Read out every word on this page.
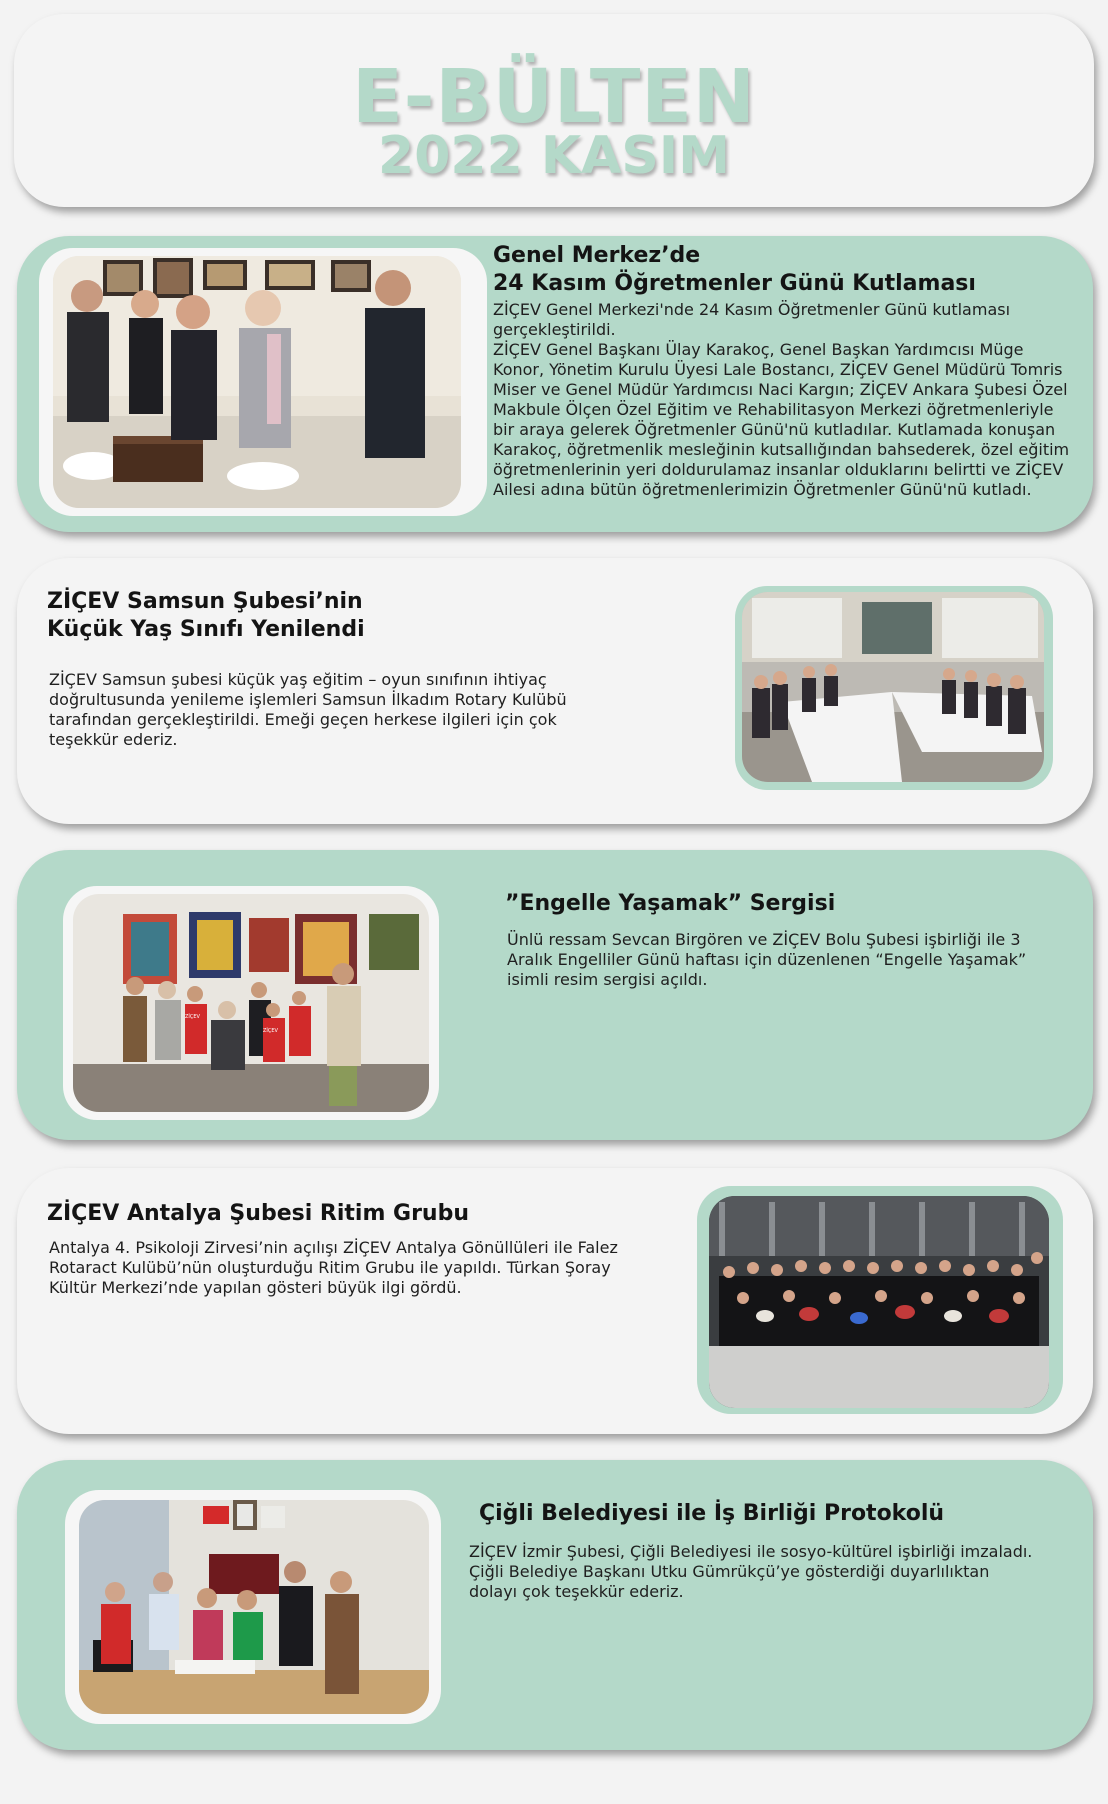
E-BÜLTEN
2022 KASIM
Genel Merkez’de
24 Kasım Öğretmenler Günü Kutlaması
ZİÇEV Genel Merkezi'nde 24 Kasım Öğretmenler Günü kutlaması gerçekleştirildi.
ZİÇEV Genel Başkanı Ülay Karakoç, Genel Başkan Yardımcısı Müge Konor, Yönetim Kurulu Üyesi Lale Bostancı, ZİÇEV Genel Müdürü Tomris Miser ve Genel Müdür Yardımcısı Naci Kargın; ZİÇEV Ankara Şubesi Özel Makbule Ölçen Özel Eğitim ve Rehabilitasyon Merkezi öğretmenleriyle bir araya gelerek Öğretmenler Günü'nü kutladılar. Kutlamada konuşan Karakoç, öğretmenlik mesleğinin kutsallığından bahsederek, özel eğitim öğretmenlerinin yeri doldurulamaz insanlar olduklarını belirtti ve ZİÇEV Ailesi adına bütün öğretmenlerimizin Öğretmenler Günü'nü kutladı.
ZİÇEV Samsun Şubesi’nin
Küçük Yaş Sınıfı Yenilendi
ZİÇEV Samsun şubesi küçük yaş eğitim – oyun sınıfının ihtiyaç doğrultusunda yenileme işlemleri Samsun İlkadım Rotary Kulübü tarafından gerçekleştirildi. Emeği geçen herkese ilgileri için çok teşekkür ederiz.
ZİÇEV
ZİÇEV
”Engelle Yaşamak” Sergisi
Ünlü ressam Sevcan Birgören ve ZİÇEV Bolu Şubesi işbirliği ile 3 Aralık Engelliler Günü haftası için düzenlenen “Engelle Yaşamak” isimli resim sergisi açıldı.
ZİÇEV Antalya Şubesi Ritim Grubu
Antalya 4. Psikoloji Zirvesi’nin açılışı ZİÇEV Antalya Gönüllüleri ile Falez Rotaract Kulübü’nün oluşturduğu Ritim Grubu ile yapıldı. Türkan Şoray Kültür Merkezi’nde yapılan gösteri büyük ilgi gördü.
Çiğli Belediyesi ile İş Birliği Protokolü
ZİÇEV İzmir Şubesi, Çiğli Belediyesi ile sosyo-kültürel işbirliği imzaladı. Çiğli Belediye Başkanı Utku Gümrükçü’ye gösterdiği duyarlılıktan dolayı çok teşekkür ederiz.
